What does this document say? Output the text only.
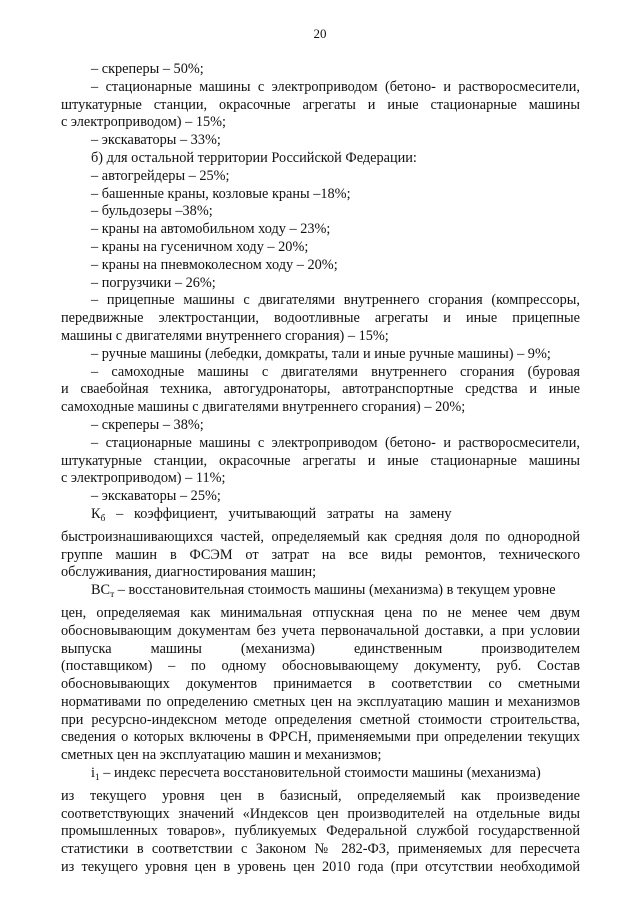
20

– скреперы – 50%;

– стационарные машины с электроприводом (бетоно- и растворосмесители,

штукатурные станции, окрасочные агрегаты и иные стационарные машины

с электроприводом) – 15%;

– экскаваторы – 33%;

б) для остальной территории Российской Федерации:

– автогрейдеры – 25%;

– башенные краны, козловые краны –18%;

– бульдозеры –38%;

– краны на автомобильном ходу – 23%;

– краны на гусеничном ходу – 20%;

– краны на пневмоколесном ходу – 20%;

– погрузчики – 26%;

– прицепные машины с двигателями внутреннего сгорания (компрессоры,

передвижные электростанции, водоотливные агрегаты и иные прицепные

машины с двигателями внутреннего сгорания) – 15%;

– ручные машины (лебедки, домкраты, тали и иные ручные машины) – 9%;

– самоходные машины с двигателями внутреннего сгорания (буровая

и сваебойная техника, автогудронаторы, автотранспортные средства и иные

самоходные машины с двигателями внутреннего сгорания) – 20%;

– скреперы – 38%;

– стационарные машины с электроприводом (бетоно- и растворосмесители,

штукатурные станции, окрасочные агрегаты и иные стационарные машины

с электроприводом) – 11%;

– экскаваторы – 25%;

$К_б$   –   коэффициент,   учитывающий   затраты   на   замену

быстроизнашивающихся частей, определяемый как средняя доля по однородной

группе машин в ФСЭМ от затрат на все виды ремонтов, технического

обслуживания, диагностирования машин;

$ВС_т$ – восстановительная стоимость машины (механизма) в текущем уровне

цен, определяемая как минимальная отпускная цена по не менее чем двум

обосновывающим документам без учета первоначальной доставки, а при условии

выпуска машины (механизма) единственным производителем

(поставщиком) – по одному обосновывающему документу, руб. Состав

обосновывающих документов принимается в соответствии со сметными

нормативами по определению сметных цен на эксплуатацию машин и механизмов

при ресурсно-индексном методе определения сметной стоимости строительства,

сведения о которых включены в ФРСН, применяемыми при определении текущих

сметных цен на эксплуатацию машин и механизмов;

$i_1$ – индекс пересчета восстановительной стоимости машины (механизма)

из текущего уровня цен в базисный, определяемый как произведение

соответствующих значений «Индексов цен производителей на отдельные виды

промышленных товаров», публикуемых Федеральной службой государственной

статистики в соответствии с Законом № 282-ФЗ, применяемых для пересчета

из текущего уровня цен в уровень цен 2010 года (при отсутствии необходимой
